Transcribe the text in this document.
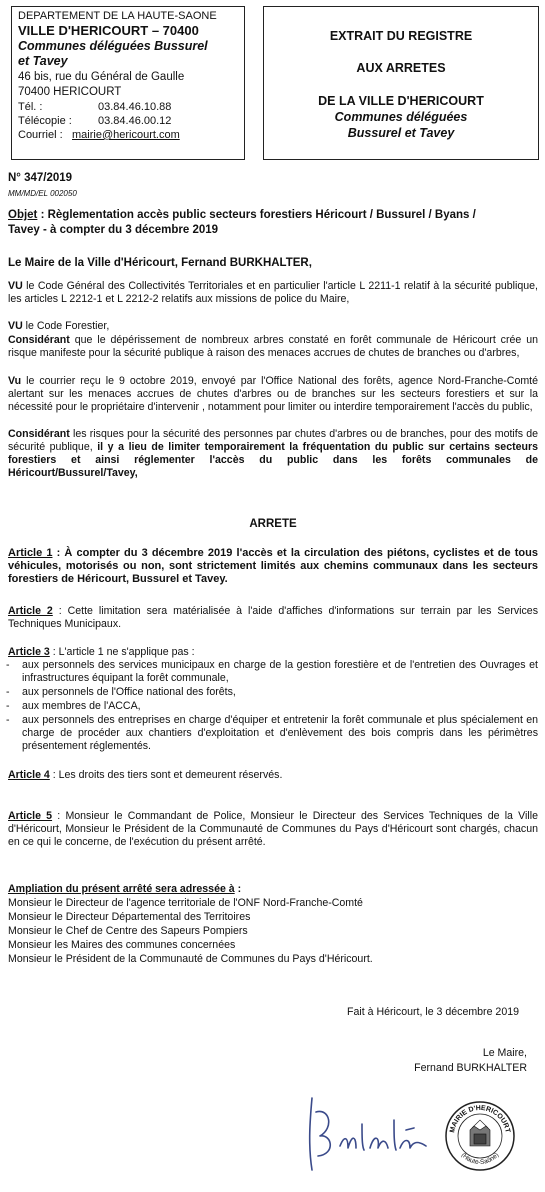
DEPARTEMENT DE LA HAUTE-SAONE
VILLE D'HERICOURT – 70400
Communes déléguées Bussurel
et Tavey
46 bis, rue du Général de Gaulle
70400 HERICOURT
Tél. :	03.84.46.10.88
Télécopie : 03.84.46.00.12
Courriel : mairie@hericourt.com
EXTRAIT DU REGISTRE
AUX ARRETES
DE LA VILLE D'HERICOURT
Communes déléguées
Bussurel et Tavey
N° 347/2019
MM/MD/EL 002050
Objet : Règlementation accès public secteurs forestiers Héricourt / Bussurel / Byans /
Tavey - à compter du 3 décembre 2019
Le Maire de la Ville d'Héricourt, Fernand BURKHALTER,
VU le Code Général des Collectivités Territoriales et en particulier l'article L 2211-1 relatif à la sécurité publique, les articles L 2212-1 et L 2212-2 relatifs aux missions de police du Maire,
VU le Code Forestier,
Considérant que le dépérissement de nombreux arbres constaté en forêt communale de Héricourt crée un risque manifeste pour la sécurité publique à raison des menaces accrues de chutes de branches ou d'arbres,
Vu le courrier reçu le 9 octobre 2019, envoyé par l'Office National des forêts, agence Nord-Franche-Comté alertant sur les menaces accrues de chutes d'arbres ou de branches sur les secteurs forestiers et sur la nécessité pour le propriétaire d'intervenir , notamment pour limiter ou interdire temporairement l'accès du public,
Considérant les risques pour la sécurité des personnes par chutes d'arbres ou de branches, pour des motifs de sécurité publique, il y a lieu de limiter temporairement la fréquentation du public sur certains secteurs forestiers et ainsi réglementer l'accès du public dans les forêts communales de Héricourt/Bussurel/Tavey,
ARRETE
Article 1 : À compter du 3 décembre 2019 l'accès et la circulation des piétons, cyclistes et de tous véhicules, motorisés ou non, sont strictement limités aux chemins communaux dans les secteurs forestiers de Héricourt, Bussurel et Tavey.
Article 2 : Cette limitation sera matérialisée à l'aide d'affiches d'informations sur terrain par les Services Techniques Municipaux.
Article 3 : L'article 1 ne s'applique pas :
- aux personnels des services municipaux en charge de la gestion forestière et de l'entretien des Ouvrages et infrastructures équipant la forêt communale,
- aux personnels de l'Office national des forêts,
- aux membres de l'ACCA,
- aux personnels des entreprises en charge d'équiper et entretenir la forêt communale et plus spécialement en charge de procéder aux chantiers d'exploitation et d'enlèvement des bois compris dans les périmètres présentement réglementés.
Article 4 : Les droits des tiers sont et demeurent réservés.
Article 5 : Monsieur le Commandant de Police, Monsieur le Directeur des Services Techniques de la Ville d'Héricourt, Monsieur le Président de la Communauté de Communes du Pays d'Héricourt sont chargés, chacun en ce qui le concerne, de l'exécution du présent arrêté.
Ampliation du présent arrêté sera adressée à :
Monsieur le Directeur de l'agence territoriale de l'ONF Nord-Franche-Comté
Monsieur le Directeur Départemental des Territoires
Monsieur le Chef de Centre des Sapeurs Pompiers
Monsieur les Maires des communes concernées
Monsieur le Président de la Communauté de Communes du Pays d'Héricourt.
Fait à Héricourt, le 3 décembre 2019
Le Maire,
Fernand BURKHALTER
MAIRIE D'HERICOURT
(Haute-Saône)
